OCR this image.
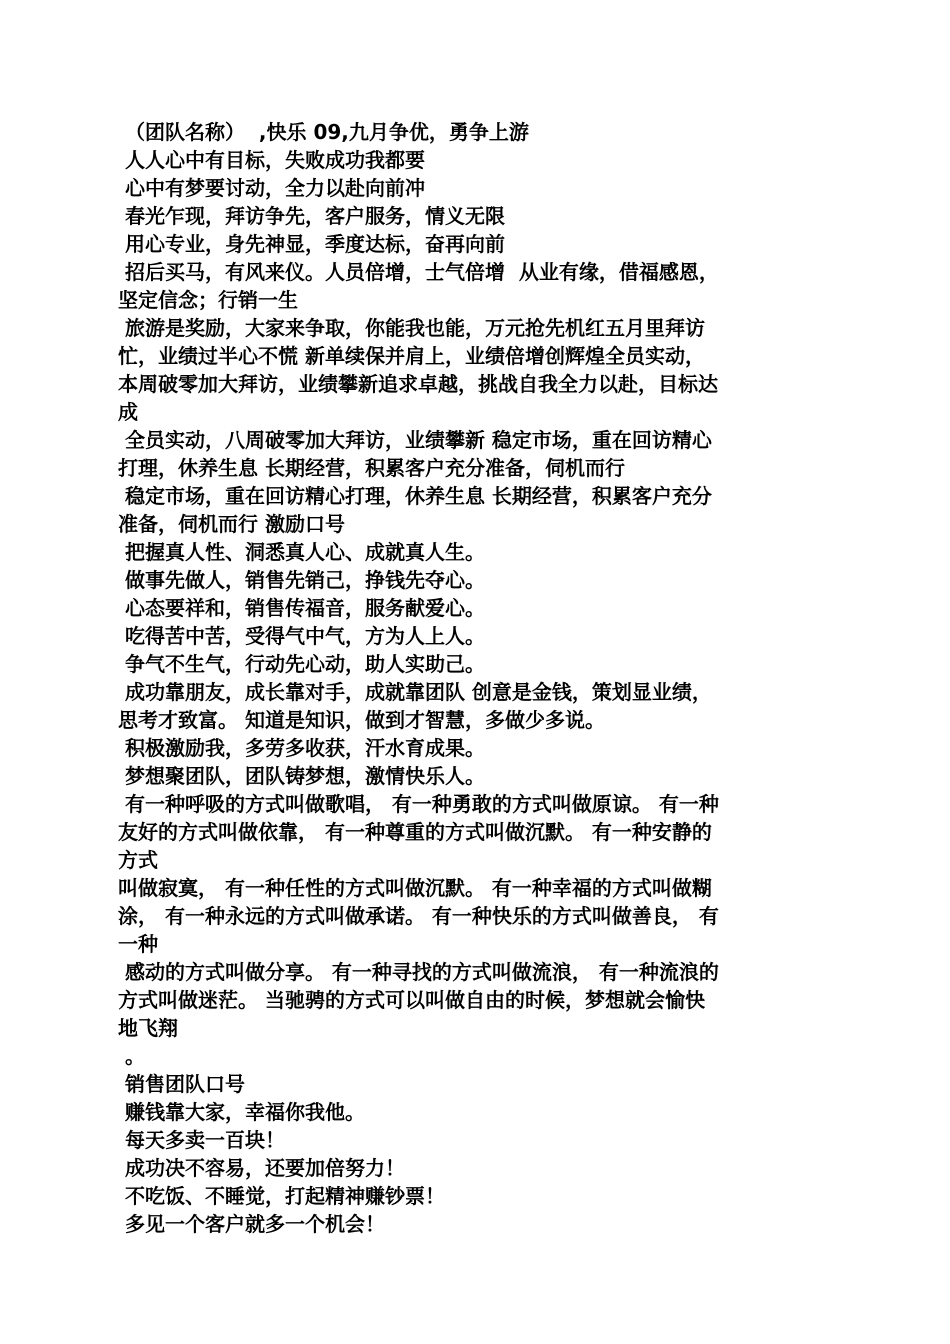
（团队名称）  ,快乐 09,九月争优，勇争上游
人人心中有目标，失败成功我都要
心中有梦要讨动，全力以赴向前冲
春光乍现，拜访争先，客户服务，情义无限
用心专业，身先神显，季度达标，奋再向前
招后买马，有风来仪。人员倍增，士气倍增  从业有缘，借福感恩，
坚定信念；行销一生
旅游是奖励，大家来争取，你能我也能，万元抢先机红五月里拜访
忙，业绩过半心不慌 新单续保并肩上，业绩倍增创辉煌全员实动，
本周破零加大拜访，业绩攀新追求卓越，挑战自我全力以赴，目标达
成
全员实动，八周破零加大拜访，业绩攀新 稳定市场，重在回访精心
打理，休养生息 长期经营，积累客户充分准备，伺机而行
稳定市场，重在回访精心打理，休养生息 长期经营，积累客户充分
准备，伺机而行 激励口号
把握真人性、洞悉真人心、成就真人生。
做事先做人，销售先销己，挣钱先夺心。
心态要祥和，销售传福音，服务献爱心。
吃得苦中苦，受得气中气，方为人上人。
争气不生气，行动先心动，助人实助己。
成功靠朋友，成长靠对手，成就靠团队 创意是金钱，策划显业绩，
思考才致富。 知道是知识，做到才智慧，多做少多说。
积极激励我，多劳多收获，汗水育成果。
梦想聚团队，团队铸梦想，激情快乐人。
有一种呼吸的方式叫做歌唱， 有一种勇敢的方式叫做原谅。 有一种
友好的方式叫做依靠， 有一种尊重的方式叫做沉默。 有一种安静的
方式
叫做寂寞， 有一种任性的方式叫做沉默。 有一种幸福的方式叫做糊
涂， 有一种永远的方式叫做承诺。 有一种快乐的方式叫做善良， 有
一种
感动的方式叫做分享。 有一种寻找的方式叫做流浪， 有一种流浪的
方式叫做迷茫。 当驰骋的方式可以叫做自由的时候，梦想就会愉快
地飞翔
。
销售团队口号
赚钱靠大家，幸福你我他。
每天多卖一百块！
成功决不容易，还要加倍努力！
不吃饭、不睡觉，打起精神赚钞票！
多见一个客户就多一个机会！
